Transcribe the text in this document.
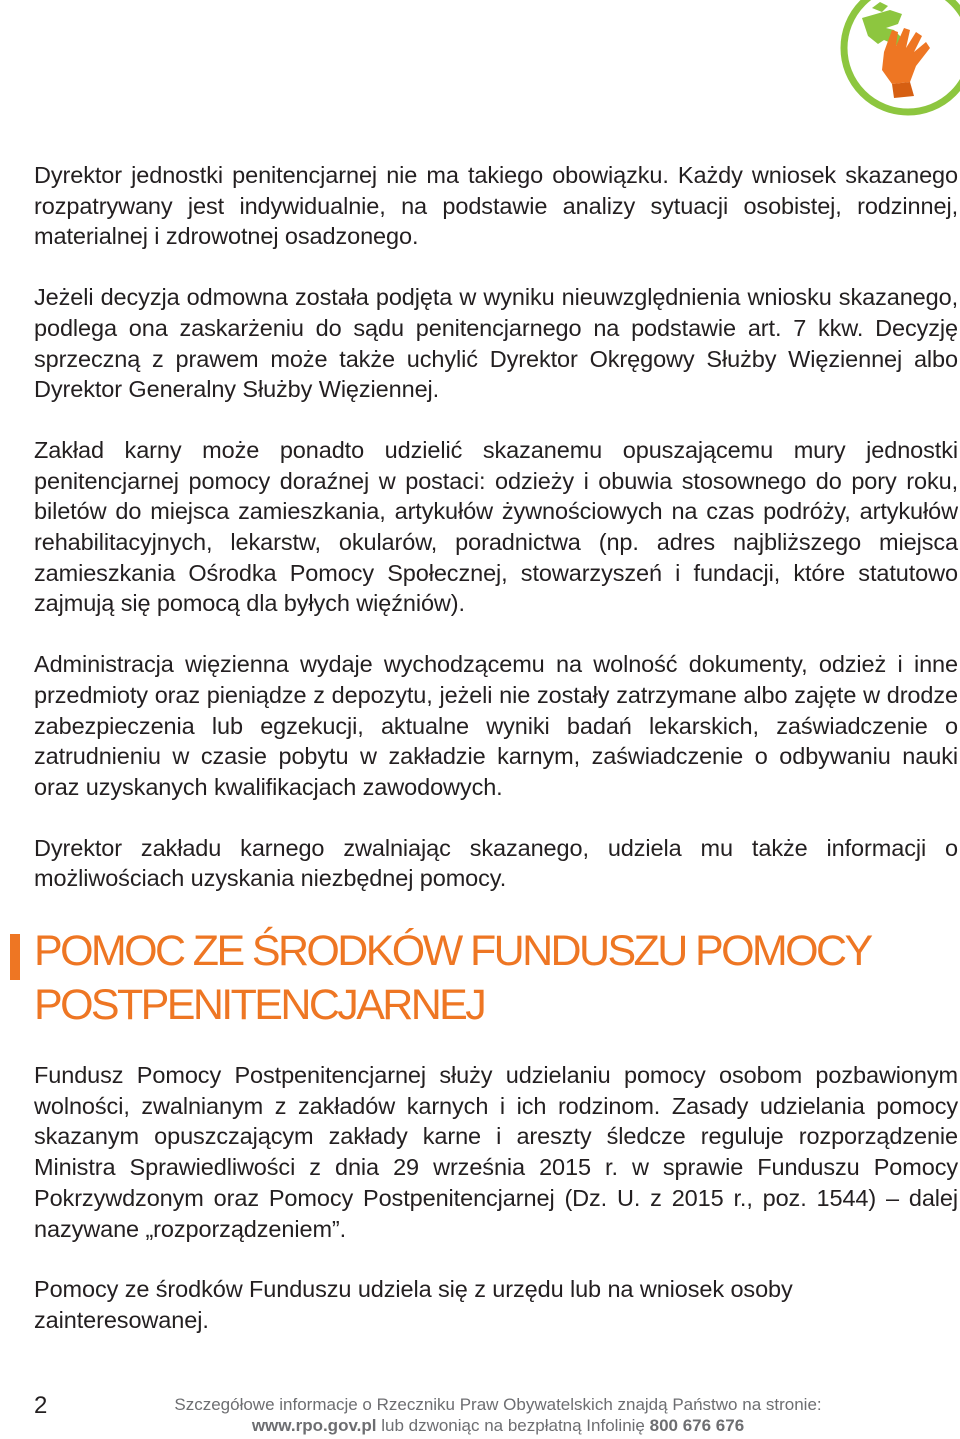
Dyrektor jednostki penitencjarnej nie ma takiego obowiązku. Każdy wniosek skazanego rozpatrywany jest indywidualnie, na podstawie analizy sytuacji osobistej, rodzinnej, materialnej i zdrowotnej osadzonego.

Jeżeli decyzja odmowna została podjęta w wyniku nieuwzględnienia wniosku skazanego, podlega ona zaskarżeniu do sądu penitencjarnego na podstawie art. 7 kkw. Decyzję sprzeczną z prawem może także uchylić Dyrektor Okręgowy Służby Więziennej albo Dyrektor Generalny Służby Więziennej.

Zakład karny może ponadto udzielić skazanemu opuszającemu mury jednostki penitencjarnej pomocy doraźnej w postaci: odzieży i obuwia stosownego do pory roku, biletów do miejsca zamieszkania, artykułów żywnościowych na czas podróży, artykułów rehabilitacyjnych, lekarstw, okularów, poradnictwa (np. adres najbliższego miejsca zamieszkania Ośrodka Pomocy Społecznej, stowarzyszeń i fundacji, które statutowo zajmują się pomocą dla byłych więźniów).

Administracja więzienna wydaje wychodzącemu na wolność dokumenty, odzież i inne przedmioty oraz pieniądze z depozytu, jeżeli nie zostały zatrzymane albo zajęte w drodze zabezpieczenia lub egzekucji, aktualne wyniki badań lekarskich, zaświadczenie o zatrudnieniu w czasie pobytu w zakładzie karnym, zaświadczenie o odbywaniu nauki oraz uzyskanych kwalifikacjach zawodowych.

Dyrektor zakładu karnego zwalniając skazanego, udziela mu także informacji o możliwościach uzyskania niezbędnej pomocy.

POMOC ZE ŚRODKÓW FUNDUSZU POMOCY
POSTPENITENCJARNEJ

Fundusz Pomocy Postpenitencjarnej służy udzielaniu pomocy osobom pozbawionym wolności, zwalnianym z zakładów karnych i ich rodzinom. Zasady udzielania pomocy skazanym opuszczającym zakłady karne i areszty śledcze reguluje rozporządzenie Ministra Sprawiedliwości z dnia 29 września 2015 r. w sprawie Funduszu Pomocy Pokrzywdzonym oraz Pomocy Postpenitencjarnej (Dz. U. z 2015 r., poz. 1544) – dalej nazywane „rozporządzeniem”.

Pomocy ze środków Funduszu udziela się z urzędu lub na wniosek osoby zainteresowanej.

2	Szczegółowe informacje o Rzeczniku Praw Obywatelskich znajdą Państwo na stronie:
www.rpo.gov.pl lub dzwoniąc na bezpłatną Infolinię 800 676 676
